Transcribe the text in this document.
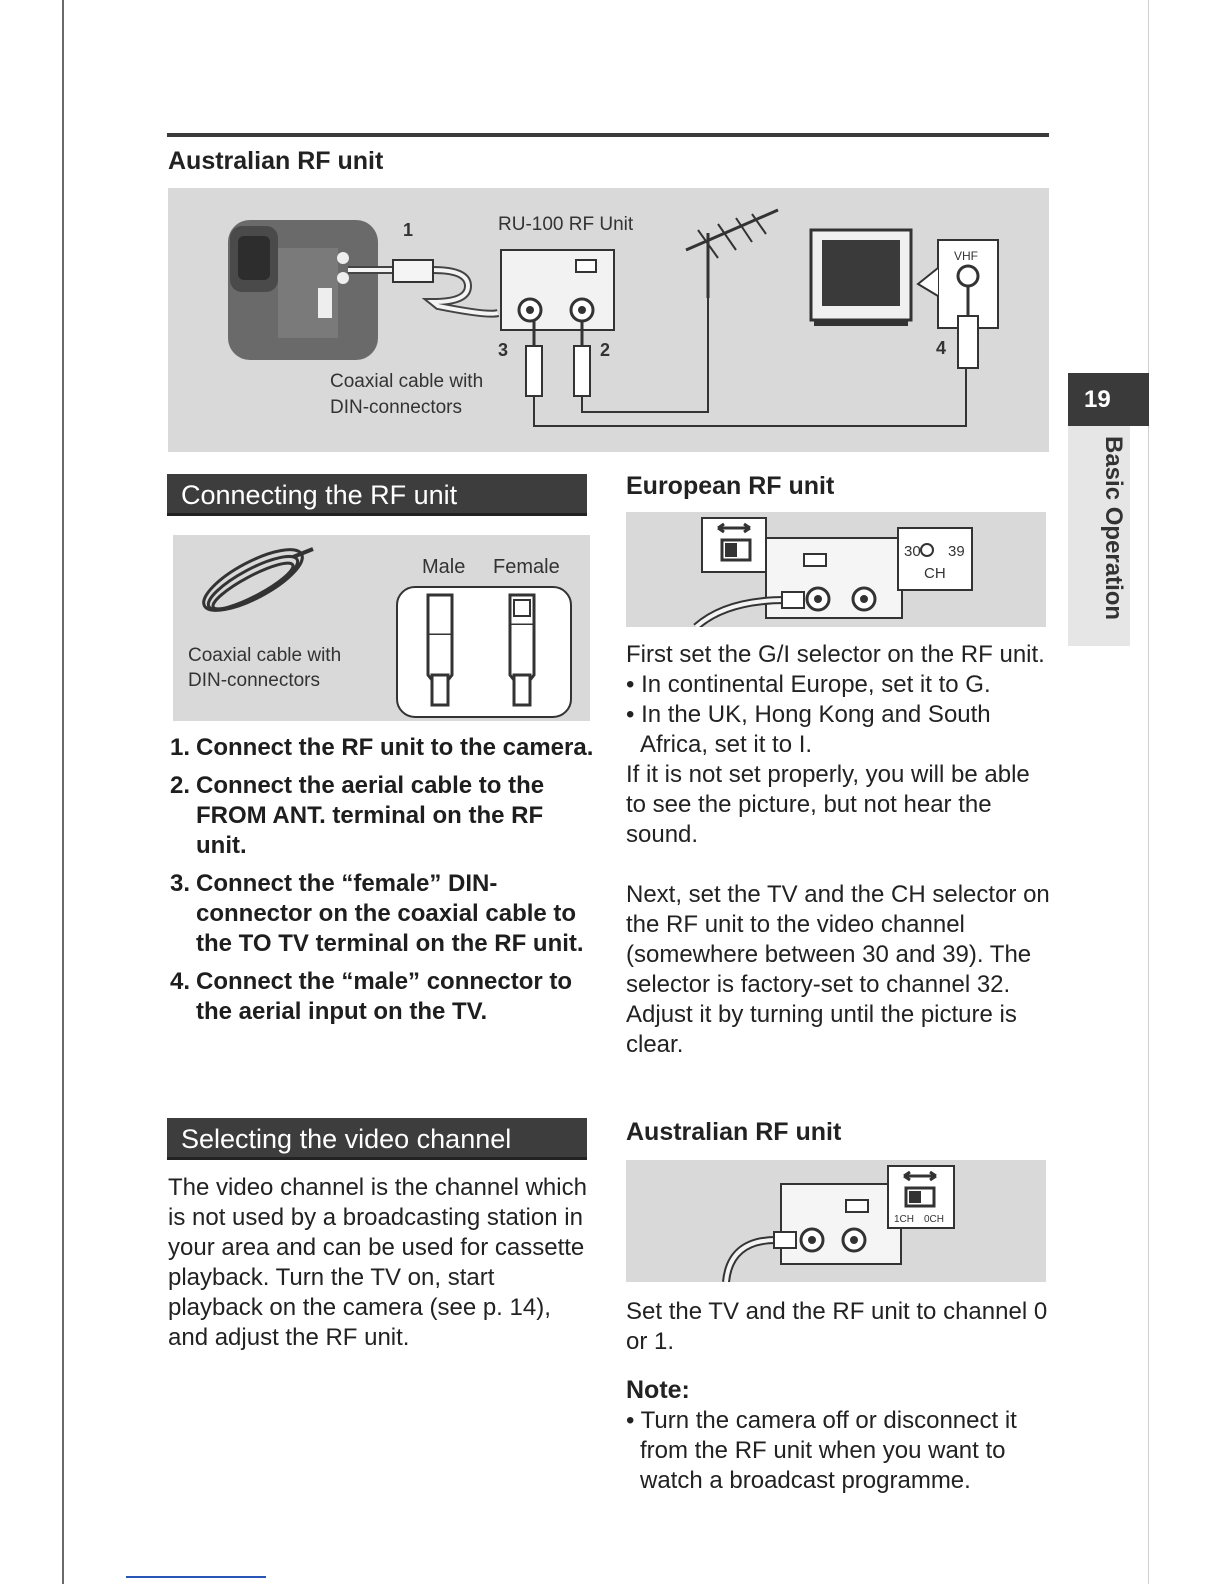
Australian RF unit
1	RU-100 RF Unit
3	2
VHF
4
Coaxial cable with
DIN-connectors
Connecting the RF unit
Coaxial cable with
DIN-connectors
Male Female
1. Connect the RF unit to the camera.
2. Connect the aerial cable to the FROM ANT. terminal on the RF unit.
3. Connect the “female” DIN-connector on the coaxial cable to the TO TV terminal on the RF unit.
4. Connect the “male” connector to the aerial input on the TV.
Selecting the video channel

The video channel is the channel which is not used by a broadcasting station in your area and can be used for cassette playback. Turn the TV on, start playback on the camera (see p. 14), and adjust the RF unit.

European RF unit
30 39
CH

First set the G/I selector on the RF unit.

• In continental Europe, set it to G.
• In the UK, Hong Kong and South Africa, set it to I.

If it is not set properly, you will be able to see the picture, but not hear the sound.

Next, set the TV and the CH selector on the RF unit to the video channel (somewhere between 30 and 39). The selector is factory-set to channel 32. Adjust it by turning until the picture is clear.

Australian RF unit
1CH 0CH

Set the TV and the RF unit to channel 0 or 1.

Note:
• Turn the camera off or disconnect it from the RF unit when you want to watch a broadcast programme.
19
Basic Operation
